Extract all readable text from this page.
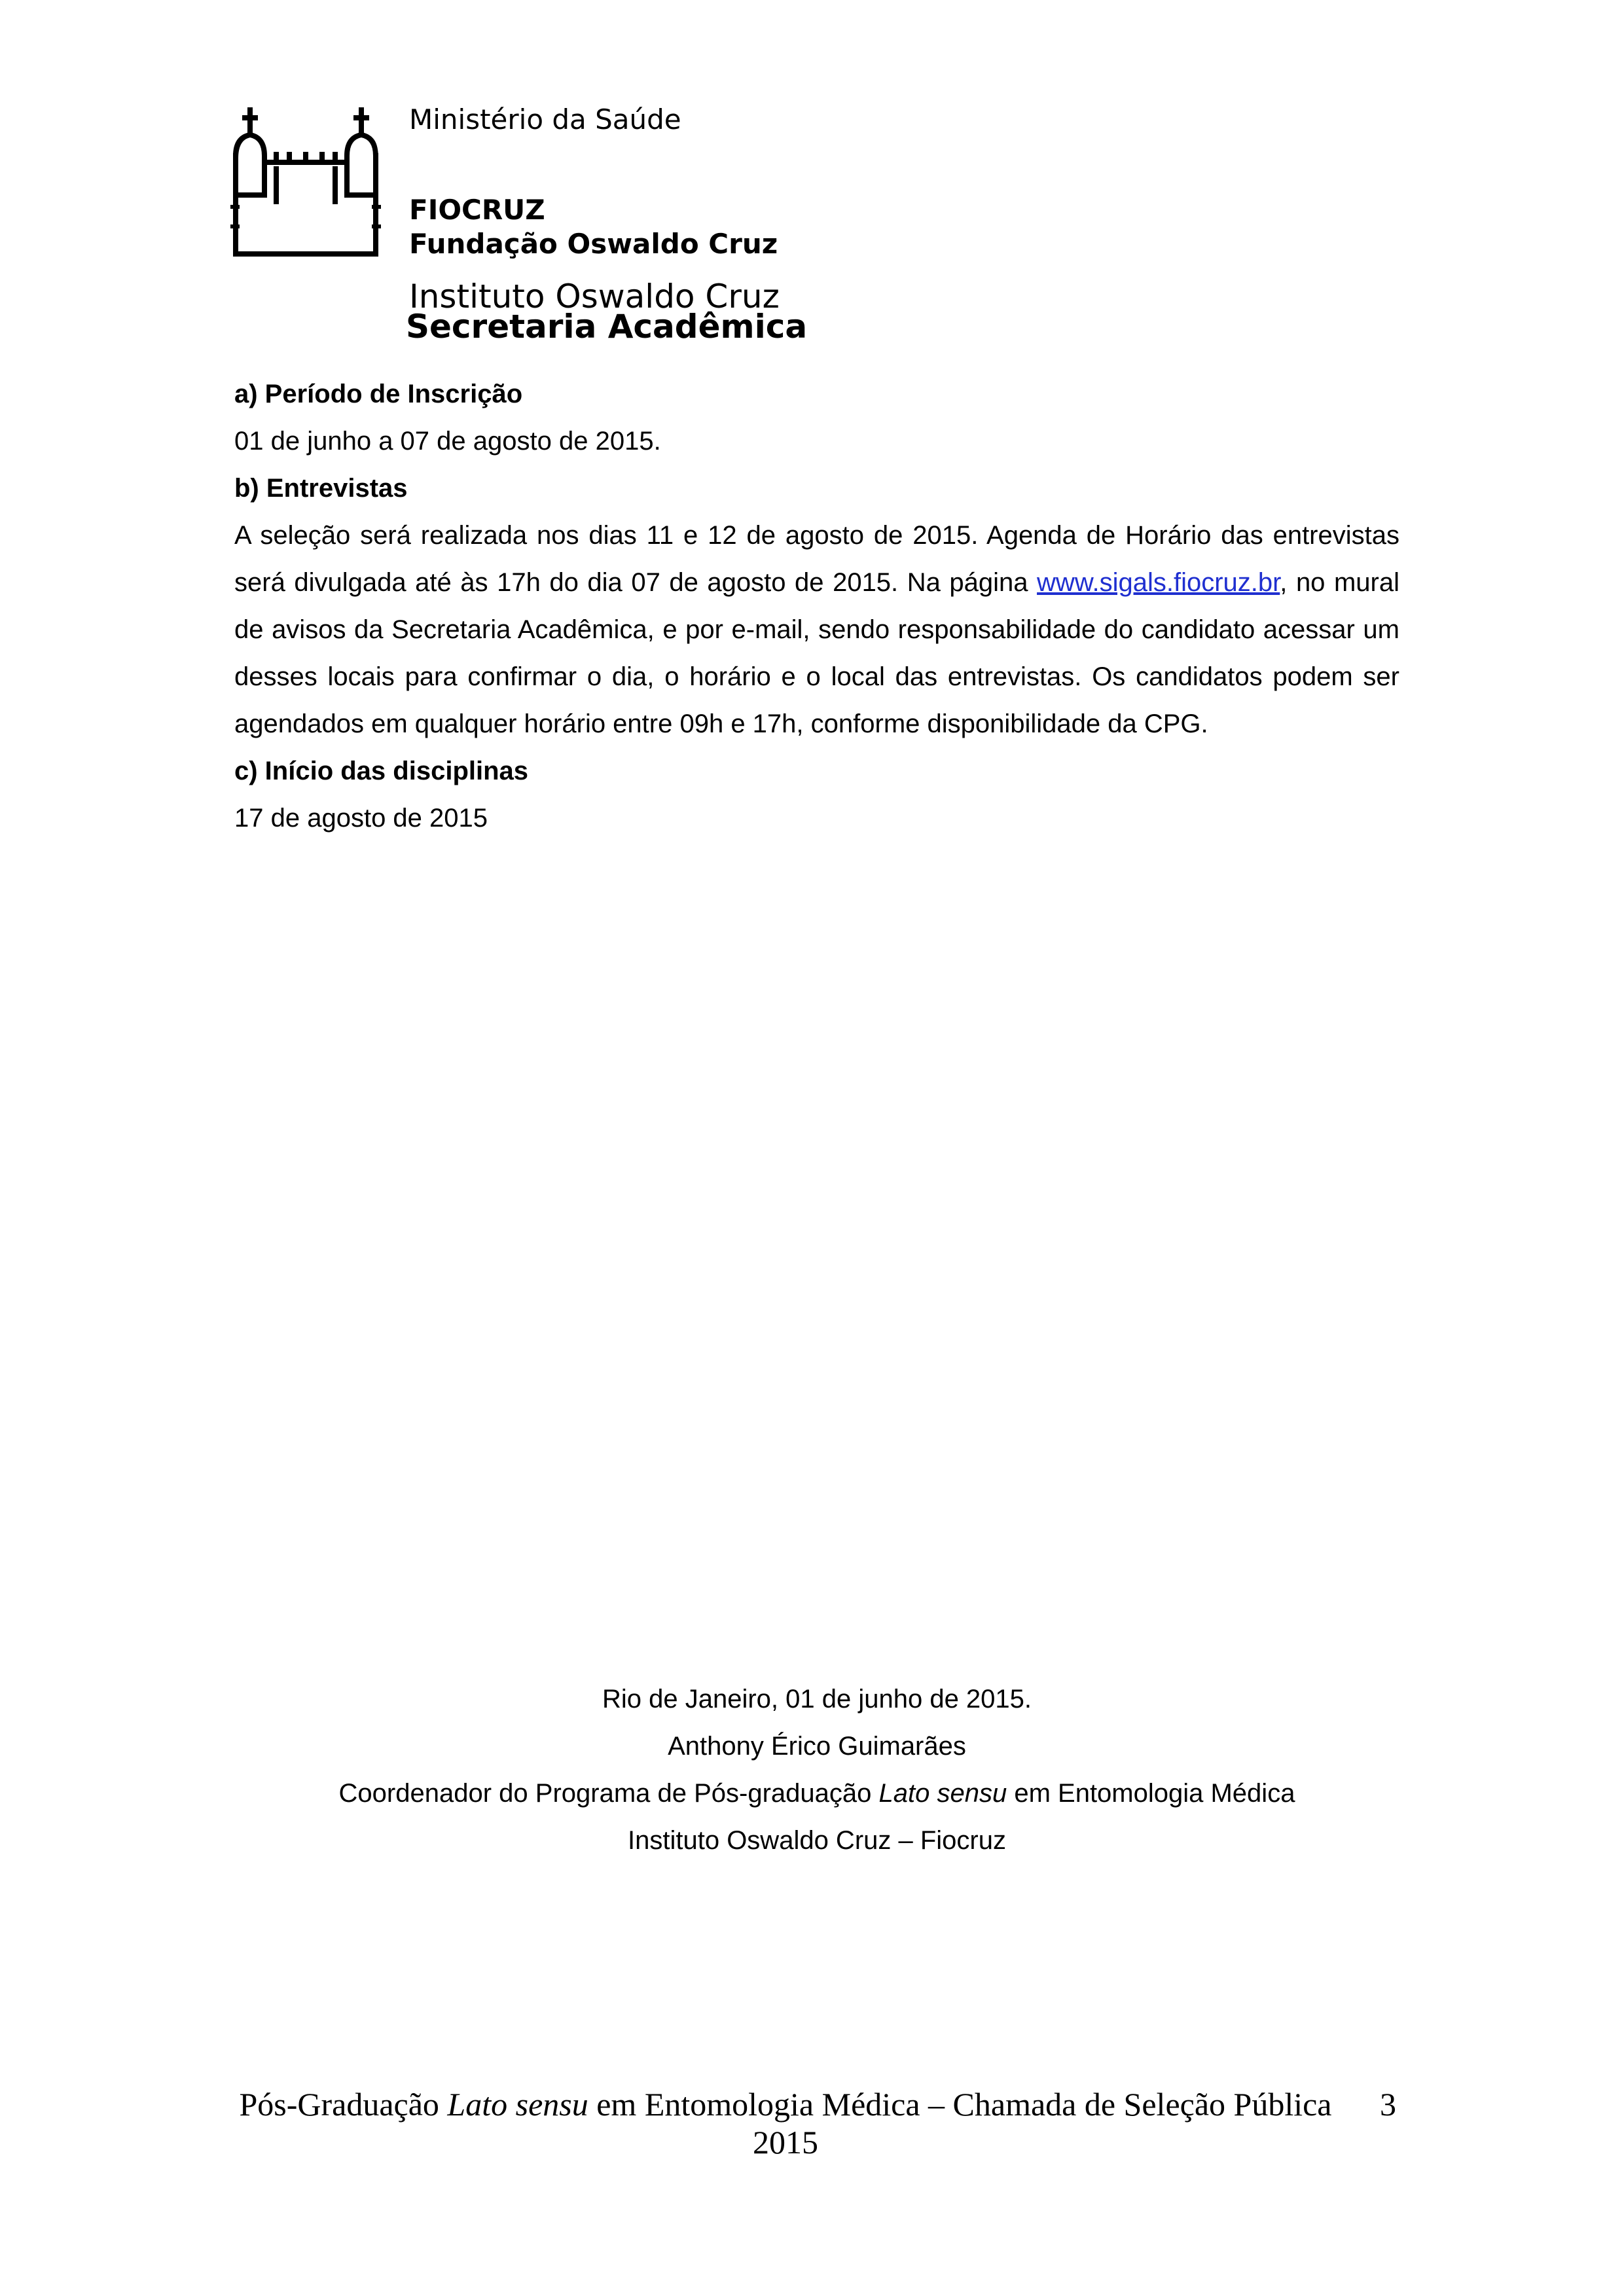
Ministério da Saúde
FIOCRUZ
Fundação Oswaldo Cruz
Instituto Oswaldo Cruz
Secretaria Acadêmica

a) Período de Inscrição

01 de junho a 07 de agosto de 2015.

b) Entrevistas

A seleção será realizada nos dias 11 e 12 de agosto de 2015. Agenda de Horário das entrevistas será divulgada até às 17h do dia 07 de agosto de 2015. Na página www.sigals.fiocruz.br, no mural de avisos da Secretaria Acadêmica, e por e-mail, sendo responsabilidade do candidato acessar um desses locais para confirmar o dia, o horário e o local das entrevistas. Os candidatos podem ser agendados em qualquer horário entre 09h e 17h, conforme disponibilidade da CPG.

c) Início das disciplinas

17 de agosto de 2015

Rio de Janeiro, 01 de junho de 2015.

Anthony Érico Guimarães

Coordenador do Programa de Pós-graduação Lato sensu em Entomologia Médica

Instituto Oswaldo Cruz – Fiocruz

Pós-Graduação Lato sensu em Entomologia Médica – Chamada de Seleção Pública 2015
3
